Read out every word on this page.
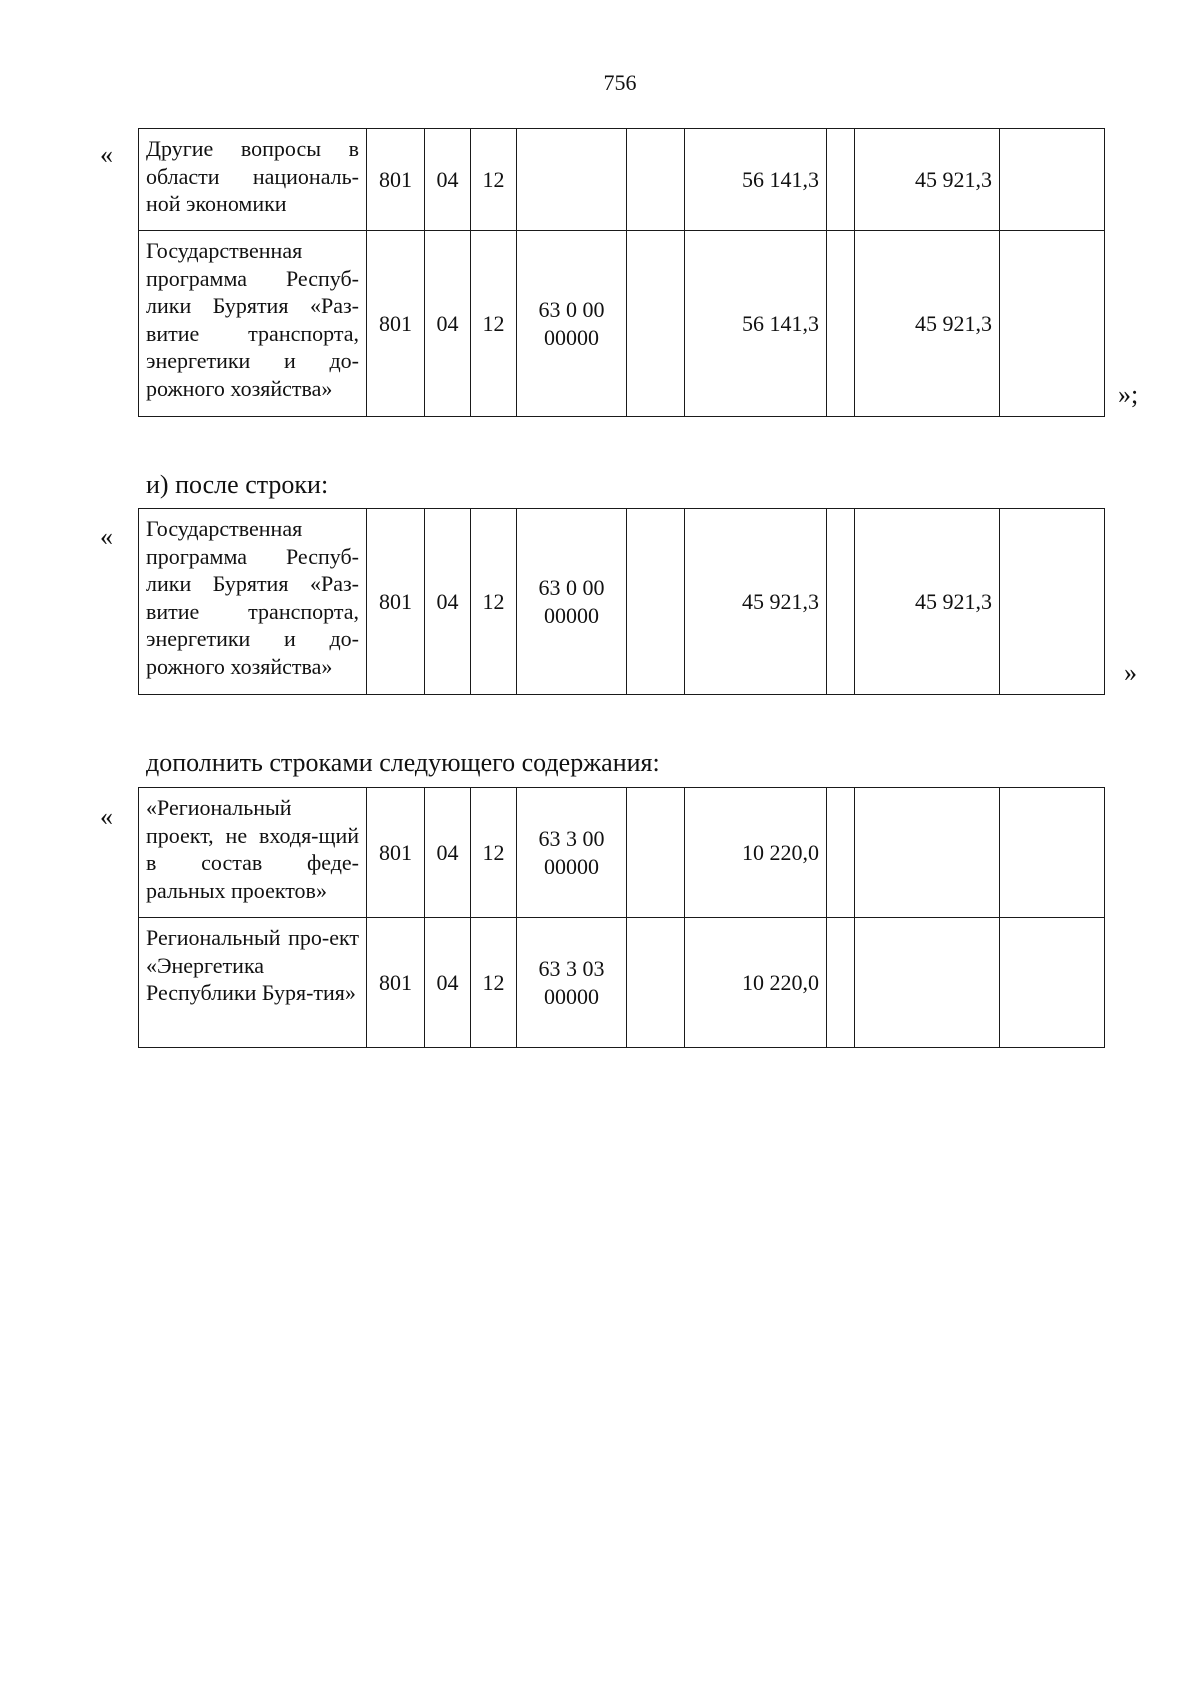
756
« Другие вопросы в области националь-ной экономики	801	04	12			56 141,3		45 921,3	
Государственная программа Респуб-лики Бурятия «Раз-витие транспорта, энергетики и до-рожного хозяйства»	801	04	12	63 0 00 00000		56 141,3		45 921,3	
»;
и) после строки:
« Государственная программа Респуб-лики Бурятия «Раз-витие транспорта, энергетики и до-рожного хозяйства»	801	04	12	63 0 00 00000		45 921,3		45 921,3	
»
дополнить строками следующего содержания:
« «Региональный проект, не входя-щий в состав феде-ральных проектов»	801	04	12	63 3 00 00000		10 220,0			
Региональный про-ект «Энергетика Республики Буря-тия»	801	04	12	63 3 03 00000		10 220,0			
